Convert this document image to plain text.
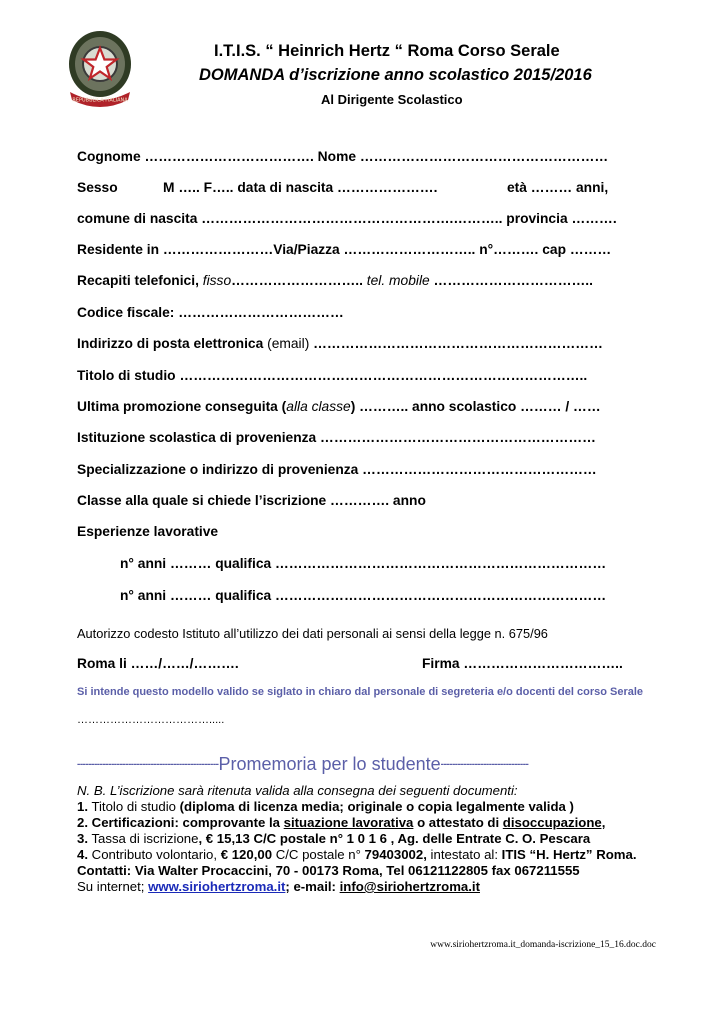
REPUBBLICA ITALIANA
I.T.I.S. “ Heinrich Hertz “ Roma Corso Serale
DOMANDA d’iscrizione anno scolastico 2015/2016
Al Dirigente Scolastico
Cognome ………………………………. Nome ………………………………………………
Sesso	M ….. F….. data di nascita ………………….	età ……… anni,
comune di nascita ……………………………………………….……….. provincia ……….
Residente in ……………………Via/Piazza ……………………….. n°………. cap ………
Recapiti telefonici, fisso……………………….. tel. mobile ……………………………..
Codice fiscale: ………………………………
Indirizzo di posta elettronica (email) ………………………………………………………
Titolo di studio ……………………………………………………………………………..
Ultima promozione conseguita (alla classe) ……….. anno scolastico ……… / ……
Istituzione scolastica di provenienza ……………………………………………………
Specializzazione o indirizzo di provenienza ……………………………………………
Classe alla quale si chiede l’iscrizione …………. anno
Esperienze lavorative
n° anni ……… qualifica ………………………………………………………………
n° anni ……… qualifica ………………………………………………………………
Autorizzo codesto Istituto all’utilizzo dei dati personali ai sensi della legge n. 675/96
Roma li ……/……/……….	Firma ……………………………..
Si intende questo modello valido se siglato in chiaro dal personale di segreteria e/o docenti del corso Serale
……………………………….....
--------------------------------------------------Promemoria per lo studente-------------------------------
N. B. L’iscrizione sarà ritenuta valida alla consegna dei seguenti documenti:
1. Titolo di studio (diploma di licenza media; originale o copia legalmente valida )
2. Certificazioni: comprovante la situazione lavorativa o attestato di disoccupazione,
3. Tassa di iscrizione, € 15,13 C/C postale n° 1 0 1 6 , Ag. delle Entrate C. O. Pescara
4. Contributo volontario, € 120,00 C/C postale n° 79403002, intestato al: ITIS “H. Hertz” Roma.
Contatti: Via Walter Procaccini, 70 - 00173 Roma, Tel 06121122805 fax 067211555
Su internet; www.siriohertzroma.it; e-mail: info@siriohertzroma.it
www.siriohertzroma.it_domanda-iscrizione_15_16.doc.doc
